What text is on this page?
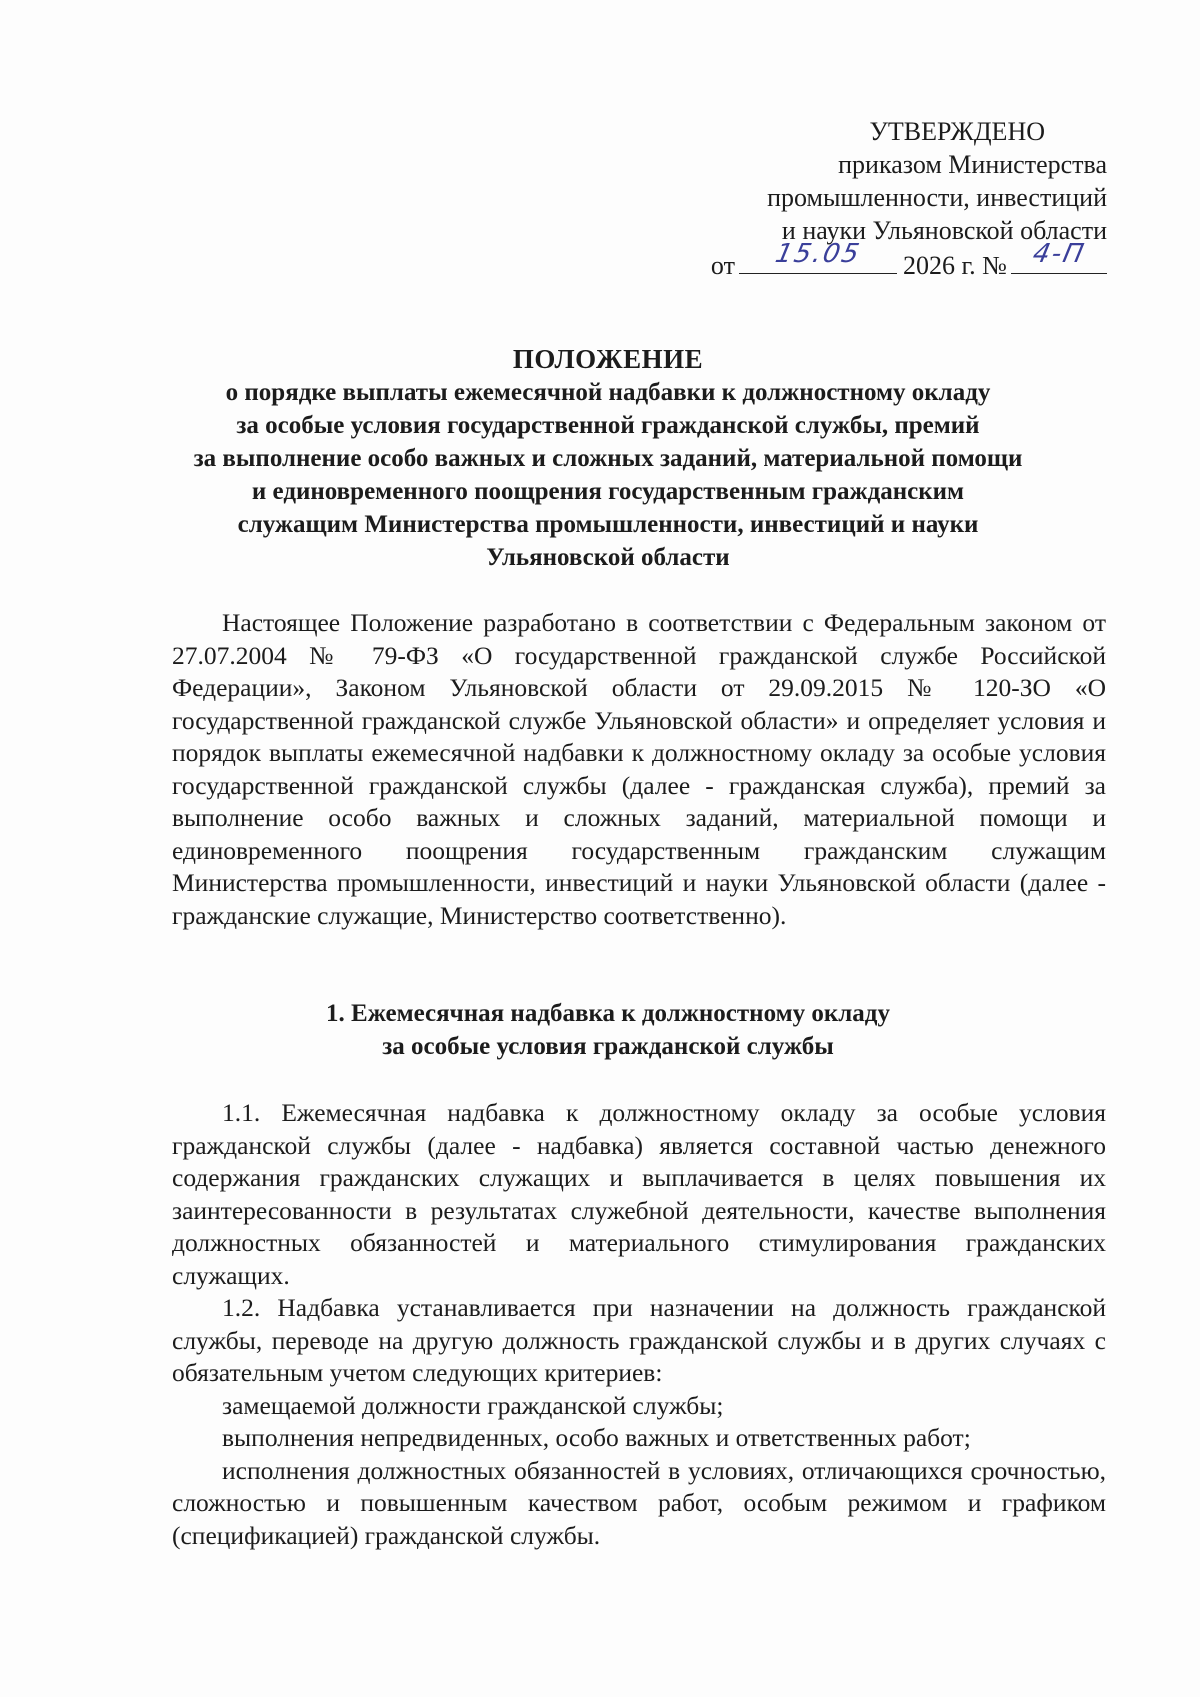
УТВЕРЖДЕНО
приказом Министерства
промышленности, инвестиций
и науки Ульяновской области
от	15.05	2026 г. № 4-П
ПОЛОЖЕНИЕ
о порядке выплаты ежемесячной надбавки к должностному окладу
за особые условия государственной гражданской службы, премий
за выполнение особо важных и сложных заданий, материальной помощи
и единовременного поощрения государственным гражданским
служащим Министерства промышленности, инвестиций и науки
Ульяновской области

Настоящее Положение разработано в соответствии с Федеральным законом от 27.07.2004 № 79-ФЗ «О государственной гражданской службе Российской Федерации», Законом Ульяновской области от 29.09.2015 № 120-ЗО «О государственной гражданской службе Ульяновской области» и определяет условия и порядок выплаты ежемесячной надбавки к должностному окладу за особые условия государственной гражданской службы (далее - гражданская служба), премий за выполнение особо важных и сложных заданий, материальной помощи и единовременного поощрения государственным гражданским служащим Министерства промышленности, инвестиций и науки Ульяновской области (далее - гражданские служащие, Министерство соответственно).

1. Ежемесячная надбавка к должностному окладу
за особые условия гражданской службы

1.1. Ежемесячная надбавка к должностному окладу за особые условия гражданской службы (далее - надбавка) является составной частью денежного содержания гражданских служащих и выплачивается в целях повышения их заинтересованности в результатах служебной деятельности, качестве выполнения должностных обязанностей и материального стимулирования гражданских служащих.

1.2. Надбавка устанавливается при назначении на должность гражданской службы, переводе на другую должность гражданской службы и в других случаях с обязательным учетом следующих критериев:

замещаемой должности гражданской службы;

выполнения непредвиденных, особо важных и ответственных работ;

исполнения должностных обязанностей в условиях, отличающихся срочностью, сложностью и повышенным качеством работ, особым режимом и графиком (спецификацией) гражданской службы.
